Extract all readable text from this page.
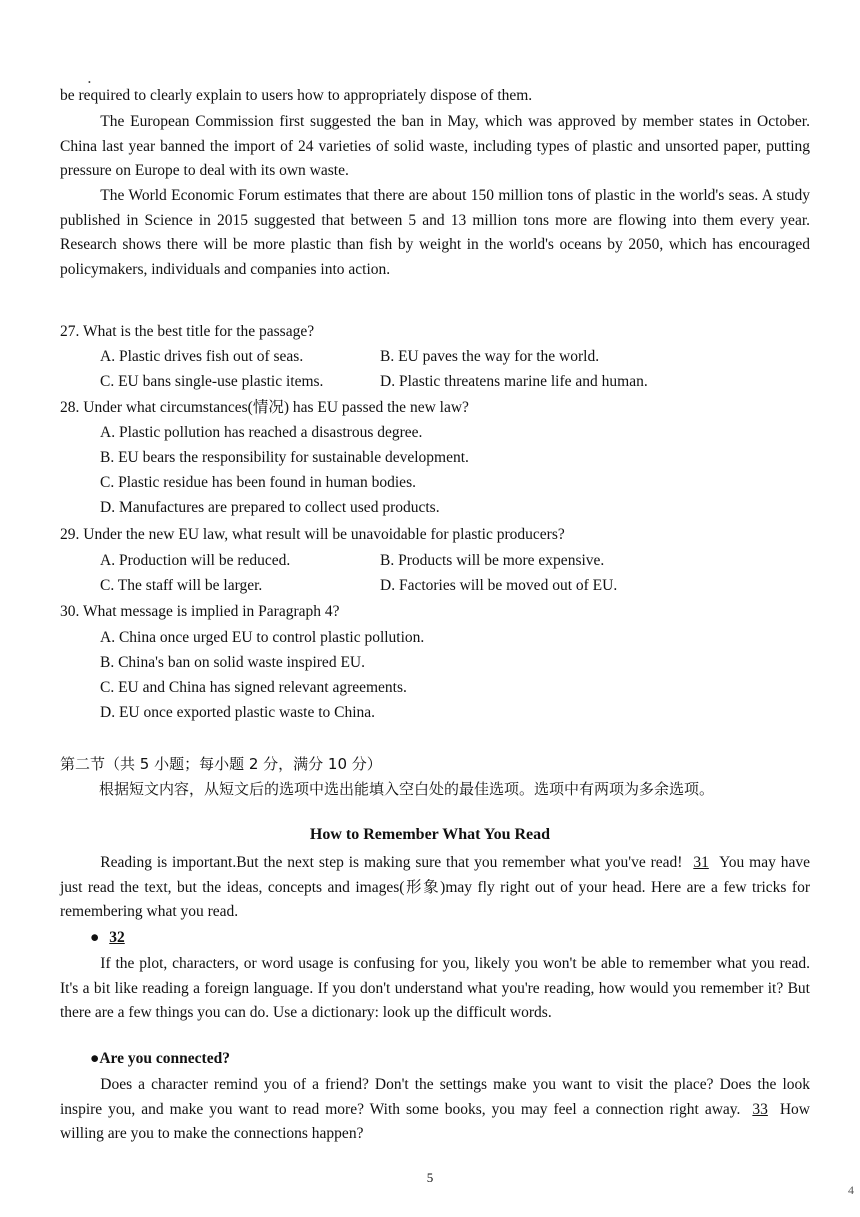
•

be required to clearly explain to users how to appropriately dispose of them.

The European Commission first suggested the ban in May, which was approved by member states in October. China last year banned the import of 24 varieties of solid waste, including types of plastic and unsorted paper, putting pressure on Europe to deal with its own waste.

The World Economic Forum estimates that there are about 150 million tons of plastic in the world's seas. A study published in Science in 2015 suggested that between 5 and 13 million tons more are flowing into them every year. Research shows there will be more plastic than fish by weight in the world's oceans by 2050, which has encouraged policymakers, individuals and companies into action.

27. What is the best title for the passage?
A. Plastic drives fish out of seas.	B. EU paves the way for the world.
C. EU bans single-use plastic items.	D. Plastic threatens marine life and human.
28. Under what circumstances(情况) has EU passed the new law?
A. Plastic pollution has reached a disastrous degree.
B. EU bears the responsibility for sustainable development.
C. Plastic residue has been found in human bodies.
D. Manufactures are prepared to collect used products.
29. Under the new EU law, what result will be unavoidable for plastic producers?
A. Production will be reduced.	B. Products will be more expensive.
C. The staff will be larger.	D. Factories will be moved out of EU.
30. What message is implied in Paragraph 4?
A. China once urged EU to control plastic pollution.
B. China's ban on solid waste inspired EU.
C. EU and China has signed relevant agreements.
D. EU once exported plastic waste to China.
第二节（共 5 小题；每小题 2 分，满分 10 分）

根据短文内容，从短文后的选项中选出能填入空白处的最佳选项。选项中有两项为多余选项。

How to Remember What You Read

Reading is important.But the next step is making sure that you remember what you've read! 31 You may have just read the text, but the ideas, concepts and images(形象)may fly right out of your head. Here are a few tricks for remembering what you read.

● 32

If the plot, characters, or word usage is confusing for you, likely you won't be able to remember what you read. It's a bit like reading a foreign language. If you don't understand what you're reading, how would you remember it? But there are a few things you can do. Use a dictionary: look up the difficult words.

●Are you connected?

Does a character remind you of a friend? Don't the settings make you want to visit the place? Does the look inspire you, and make you want to read more? With some books, you may feel a connection right away. 33 How willing are you to make the connections happen?

5
4
